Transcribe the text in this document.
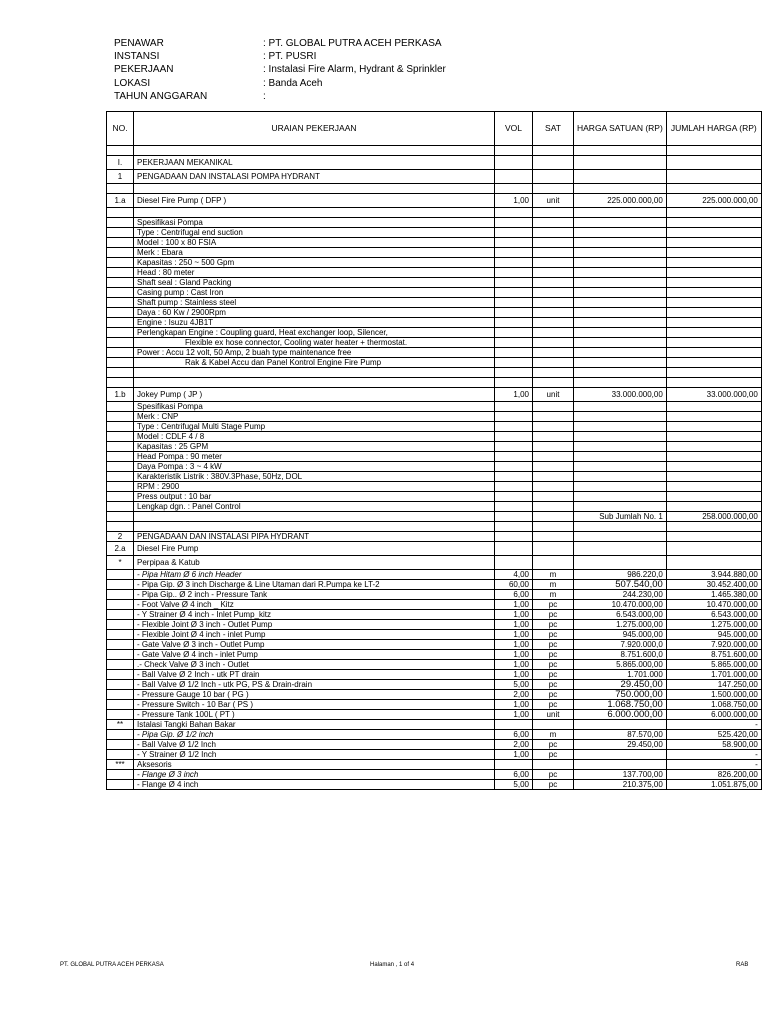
PENAWAR	: PT. GLOBAL PUTRA ACEH PERKASA
INSTANSI	: PT. PUSRI
PEKERJAAN	: Instalasi Fire Alarm, Hydrant & Sprinkler
LOKASI	: Banda Aceh
TAHUN ANGGARAN	:
NO.	URAIAN PEKERJAAN	VOL	SAT	HARGA SATUAN (RP)	JUMLAH HARGA (RP)

I.	PEKERJAAN MEKANIKAL				
1	PENGADAAN DAN INSTALASI POMPA HYDRANT				

1.a	Diesel Fire Pump ( DFP )	1,00	unit	225.000.000,00	225.000.000,00

	Spesifikasi Pompa				
	Type : Centrifugal end suction				
	Model : 100 x 80 FSIA				
	Merk : Ebara				
	Kapasitas : 250 ~ 500 Gpm				
	Head : 80 meter				
	Shaft seal : Gland Packing				
	Casing pump : Cast Iron				
	Shaft pump : Stainless steel				
	Daya : 60 Kw / 2900Rpm				
	Engine : Isuzu 4JB1T				
	Perlengkapan Engine : Coupling guard, Heat exchanger loop, Silencer,				
	Flexible ex hose connector, Cooling water heater + thermostat.				
	Power : Accu 12 volt, 50 Amp, 2 buah type maintenance free				
	Rak & Kabel Accu dan Panel Kontrol Engine Fire Pump				

1.b	Jokey Pump ( JP )	1,00	unit	33.000.000,00	33.000.000,00
	Spesifikasi Pompa				
	Merk : CNP				
	Type : Centrifugal Multi Stage Pump				
	Model : CDLF 4 / 8				
	Kapasitas : 25 GPM				
	Head Pompa : 90 meter				
	Daya Pompa : 3 ~ 4 kW				
	Karakteristik Listrik : 380V.3Phase, 50Hz, DOL				
	RPM : 2900				
	Press output : 10 bar				
	Lengkap dgn. : Panel Control				
				Sub Jumlah No. 1	258.000.000,00

2	PENGADAAN DAN INSTALASI PIPA HYDRANT				
2.a	Diesel Fire Pump				
*	Perpipaa & Katub				
	- Pipa Hitam Ø 6 inch Header	4,00	m	986.220,0	3.944.880,00
	- Pipa Gip. Ø 3 inch Discharge & Line Utaman dari R.Pumpa ke LT-2	60,00	m	507.540,00	30.452.400,00
	- Pipa Gip.. Ø 2 inch - Pressure Tank	6,00	m	244.230,00	1.465.380,00
	- Foot Valve Ø 4 inch _ Kitz	1,00	pc	10.470.000,00	10.470.000,00
	- Y Strainer Ø 4 inch - Inlet Pump_kitz	1,00	pc	6.543.000,00	6.543.000,00
	- Flexible Joint Ø 3 inch - Outlet Pump	1,00	pc	1.275.000,00	1.275.000,00
	- Flexible Joint Ø 4 inch - inlet Pump	1,00	pc	945.000,00	945.000,00
	- Gate Valve Ø 3 inch - Outlet Pump	1,00	pc	7.920.000,0	7.920.000,00
	- Gate Valve Ø 4 inch - inlet Pump	1,00	pc	8.751.600,0	8.751.600,00
	.- Check Valve Ø 3 inch - Outlet	1,00	pc	5.865.000,00	5.865.000,00
	- Ball Valve Ø 2 Inch - utk PT drain	1,00	pc	1.701.000	1.701.000,00
	- Ball Valve Ø 1/2 Inch - utk PG, PS & Drain-drain	5,00	pc	29.450,00	147.250,00
	- Pressure Gauge 10 bar ( PG )	2,00	pc	750.000,00	1.500.000,00
	- Pressure Switch - 10 Bar ( PS )	1,00	pc	1.068.750,00	1.068.750,00
	- Pressure Tank 100L ( PT )	1,00	unit	6.000.000,00	6.000.000,00
**	Istalasi Tangki Bahan Bakar				-
	- Pipa Gip. Ø 1/2 inch	6,00	m	87.570,00	525.420,00
	- Ball Valve Ø 1/2 Inch	2,00	pc	29.450,00	58.900,00
	- Y Strainer Ø 1/2 Inch	1,00	pc		-
***	Aksesoris				-
	- Flange Ø 3 inch	6,00	pc	137.700,00	826.200,00
	- Flange Ø 4 inch	5,00	pc	210.375,00	1.051.875,00
PT. GLOBAL PUTRA ACEH PERKASA	Halaman , 1 of 4	RAB
